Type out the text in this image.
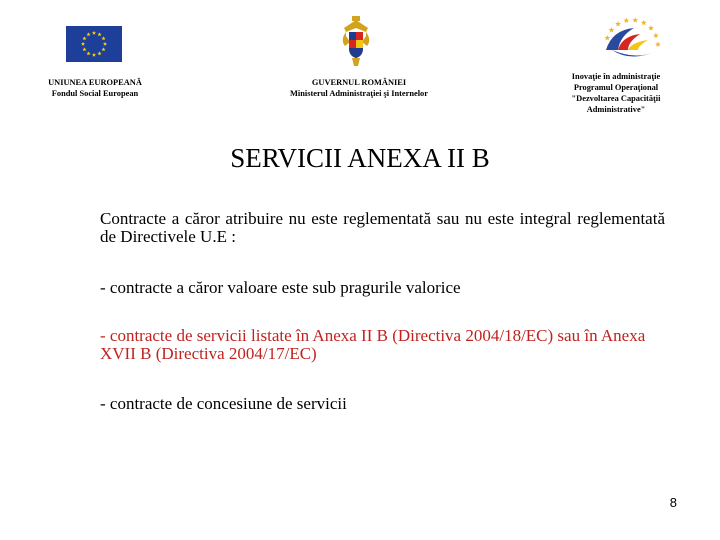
UNIUNEA EUROPEANĂ
Fondul Social European
GUVERNUL ROMÂNIEI
Ministerul Administraţiei şi Internelor
Inovaţie în administraţie
Programul Operaţional
"Dezvoltarea Capacităţii
Administrative"
SERVICII ANEXA II B
Contracte a căror atribuire nu este reglementată sau nu este integral reglementată de Directivele U.E :
- contracte a căror valoare este sub pragurile valorice
- contracte de servicii listate în Anexa II B (Directiva 2004/18/EC) sau în Anexa XVII B (Directiva 2004/17/EC)
- contracte de concesiune de servicii
8
